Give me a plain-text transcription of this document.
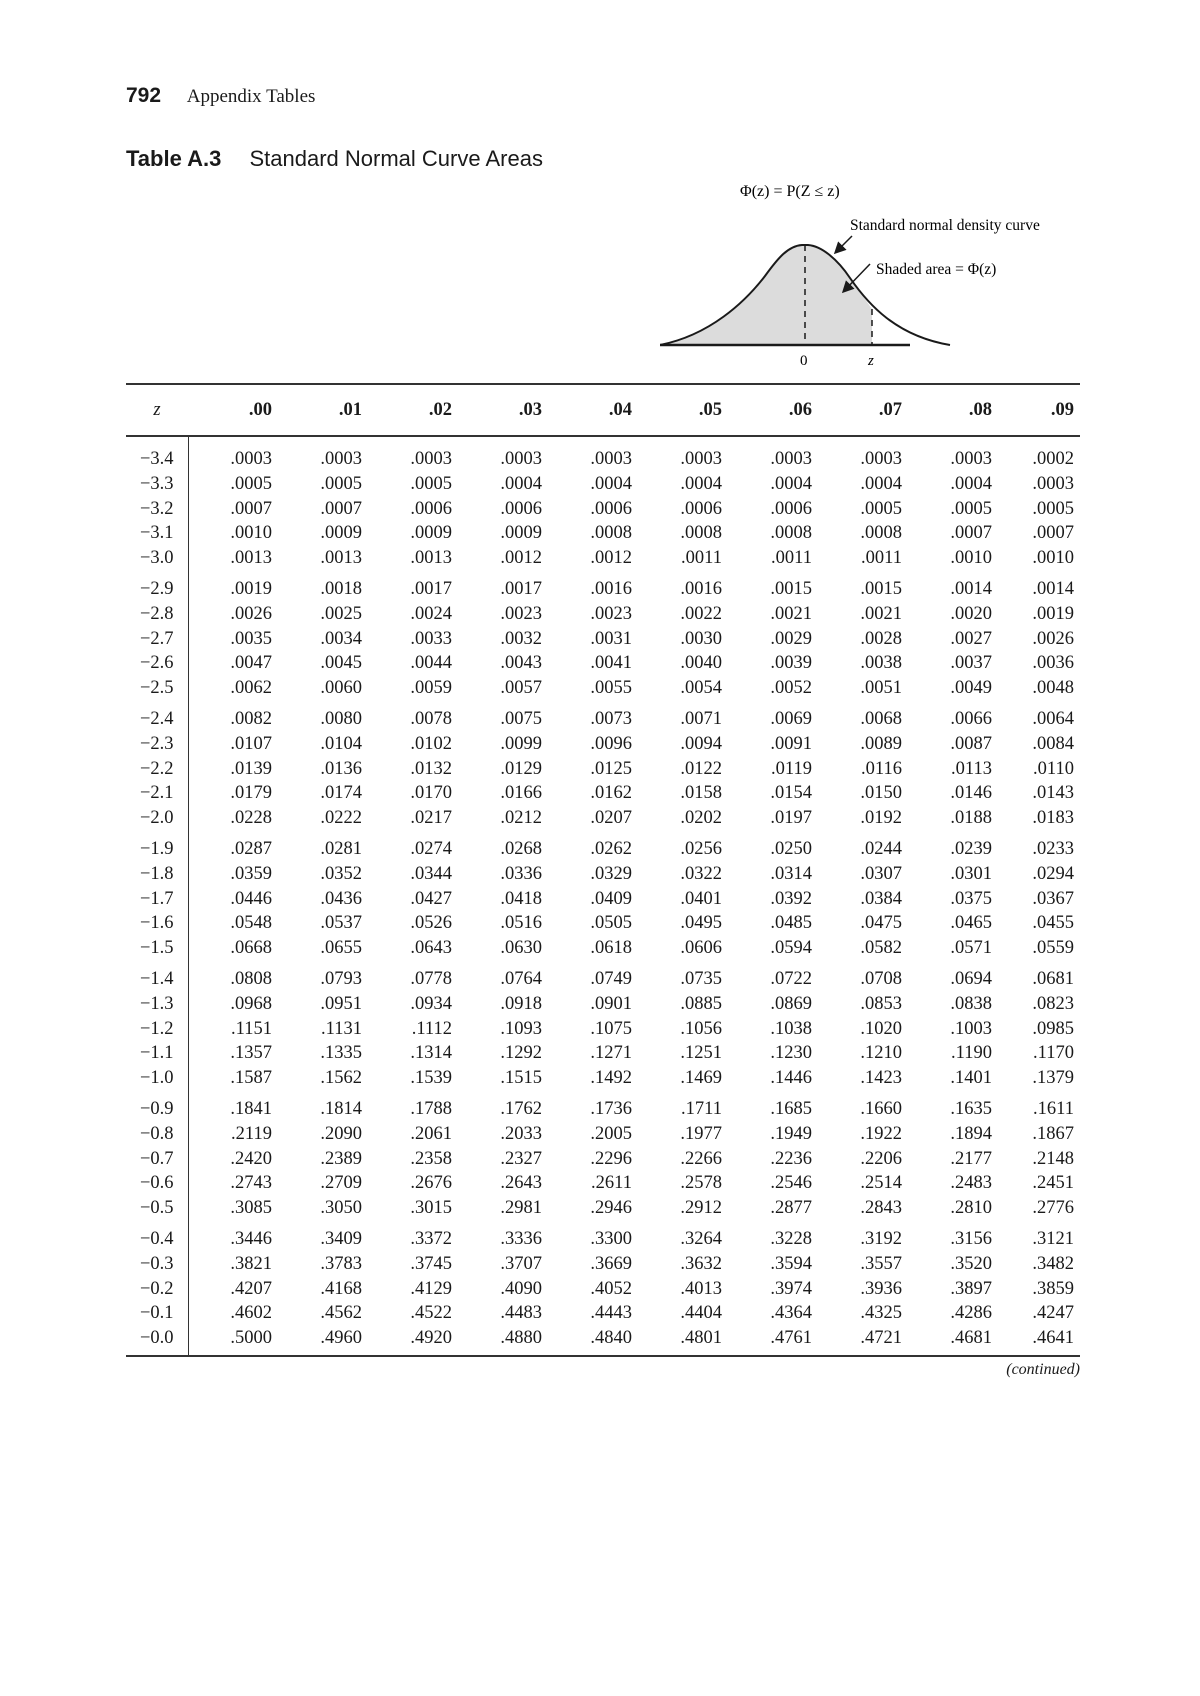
792 Appendix Tables
Table A.3 Standard Normal Curve Areas
Φ(z) = P(Z ≤ z)
Standard normal density curve
Shaded area = Φ(z)
0	z
z	.00	.01	.02	.03	.04	.05	.06	.07	.08	.09
−3.4	.0003	.0003	.0003	.0003	.0003	.0003	.0003	.0003	.0003	.0002
−3.3	.0005	.0005	.0005	.0004	.0004	.0004	.0004	.0004	.0004	.0003
−3.2	.0007	.0007	.0006	.0006	.0006	.0006	.0006	.0005	.0005	.0005
−3.1	.0010	.0009	.0009	.0009	.0008	.0008	.0008	.0008	.0007	.0007
−3.0	.0013	.0013	.0013	.0012	.0012	.0011	.0011	.0011	.0010	.0010
−2.9	.0019	.0018	.0017	.0017	.0016	.0016	.0015	.0015	.0014	.0014
−2.8	.0026	.0025	.0024	.0023	.0023	.0022	.0021	.0021	.0020	.0019
−2.7	.0035	.0034	.0033	.0032	.0031	.0030	.0029	.0028	.0027	.0026
−2.6	.0047	.0045	.0044	.0043	.0041	.0040	.0039	.0038	.0037	.0036
−2.5	.0062	.0060	.0059	.0057	.0055	.0054	.0052	.0051	.0049	.0048
−2.4	.0082	.0080	.0078	.0075	.0073	.0071	.0069	.0068	.0066	.0064
−2.3	.0107	.0104	.0102	.0099	.0096	.0094	.0091	.0089	.0087	.0084
−2.2	.0139	.0136	.0132	.0129	.0125	.0122	.0119	.0116	.0113	.0110
−2.1	.0179	.0174	.0170	.0166	.0162	.0158	.0154	.0150	.0146	.0143
−2.0	.0228	.0222	.0217	.0212	.0207	.0202	.0197	.0192	.0188	.0183
−1.9	.0287	.0281	.0274	.0268	.0262	.0256	.0250	.0244	.0239	.0233
−1.8	.0359	.0352	.0344	.0336	.0329	.0322	.0314	.0307	.0301	.0294
−1.7	.0446	.0436	.0427	.0418	.0409	.0401	.0392	.0384	.0375	.0367
−1.6	.0548	.0537	.0526	.0516	.0505	.0495	.0485	.0475	.0465	.0455
−1.5	.0668	.0655	.0643	.0630	.0618	.0606	.0594	.0582	.0571	.0559
−1.4	.0808	.0793	.0778	.0764	.0749	.0735	.0722	.0708	.0694	.0681
−1.3	.0968	.0951	.0934	.0918	.0901	.0885	.0869	.0853	.0838	.0823
−1.2	.1151	.1131	.1112	.1093	.1075	.1056	.1038	.1020	.1003	.0985
−1.1	.1357	.1335	.1314	.1292	.1271	.1251	.1230	.1210	.1190	.1170
−1.0	.1587	.1562	.1539	.1515	.1492	.1469	.1446	.1423	.1401	.1379
−0.9	.1841	.1814	.1788	.1762	.1736	.1711	.1685	.1660	.1635	.1611
−0.8	.2119	.2090	.2061	.2033	.2005	.1977	.1949	.1922	.1894	.1867
−0.7	.2420	.2389	.2358	.2327	.2296	.2266	.2236	.2206	.2177	.2148
−0.6	.2743	.2709	.2676	.2643	.2611	.2578	.2546	.2514	.2483	.2451
−0.5	.3085	.3050	.3015	.2981	.2946	.2912	.2877	.2843	.2810	.2776
−0.4	.3446	.3409	.3372	.3336	.3300	.3264	.3228	.3192	.3156	.3121
−0.3	.3821	.3783	.3745	.3707	.3669	.3632	.3594	.3557	.3520	.3482
−0.2	.4207	.4168	.4129	.4090	.4052	.4013	.3974	.3936	.3897	.3859
−0.1	.4602	.4562	.4522	.4483	.4443	.4404	.4364	.4325	.4286	.4247
−0.0	.5000	.4960	.4920	.4880	.4840	.4801	.4761	.4721	.4681	.4641
(continued)
